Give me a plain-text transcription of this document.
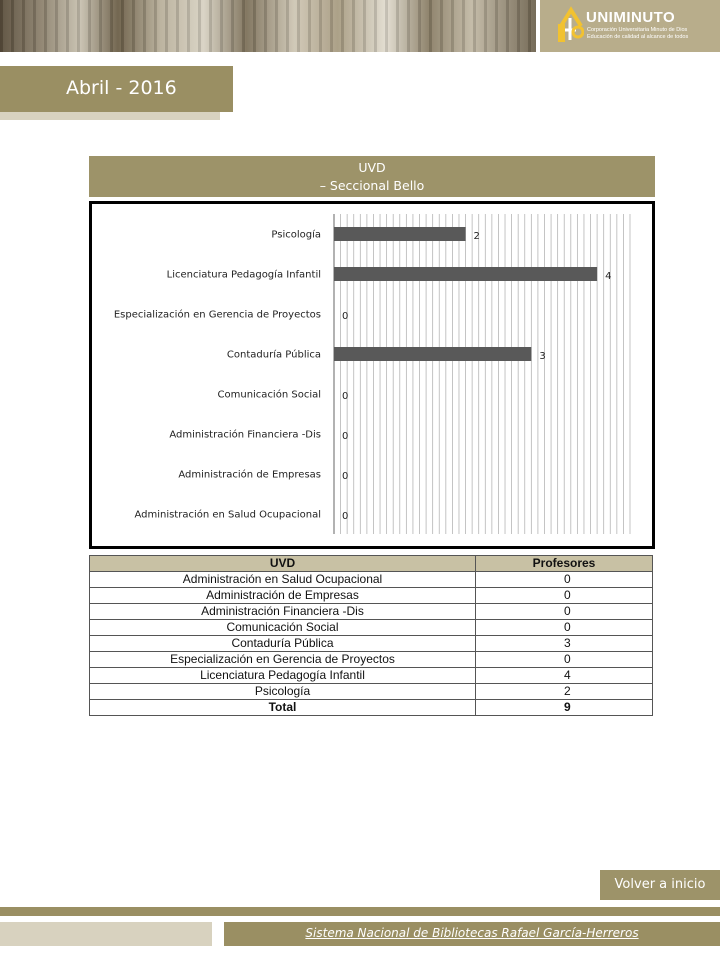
UNIMINUTO
Corporación Universitaria Minuto de Dios
Educación de calidad al alcance de todos
Abril - 2016
UVD
– Seccional Bello
Psicología	2
Licenciatura Pedagogía Infantil	4
Especialización en Gerencia de Proyectos 0
Contaduría Pública	3
Comunicación Social 0
Administración Financiera -Dis 0
Administración de Empresas 0
Administración en Salud Ocupacional 0
UVD	Profesores
Administración en Salud Ocupacional	0
Administración de Empresas	0
Administración Financiera -Dis	0
Comunicación Social	0
Contaduría Pública	3
Especialización en Gerencia de Proyectos	0
Licenciatura Pedagogía Infantil	4
Psicología	2
Total	9
Volver a inicio
Sistema Nacional de Bibliotecas Rafael García-Herreros
